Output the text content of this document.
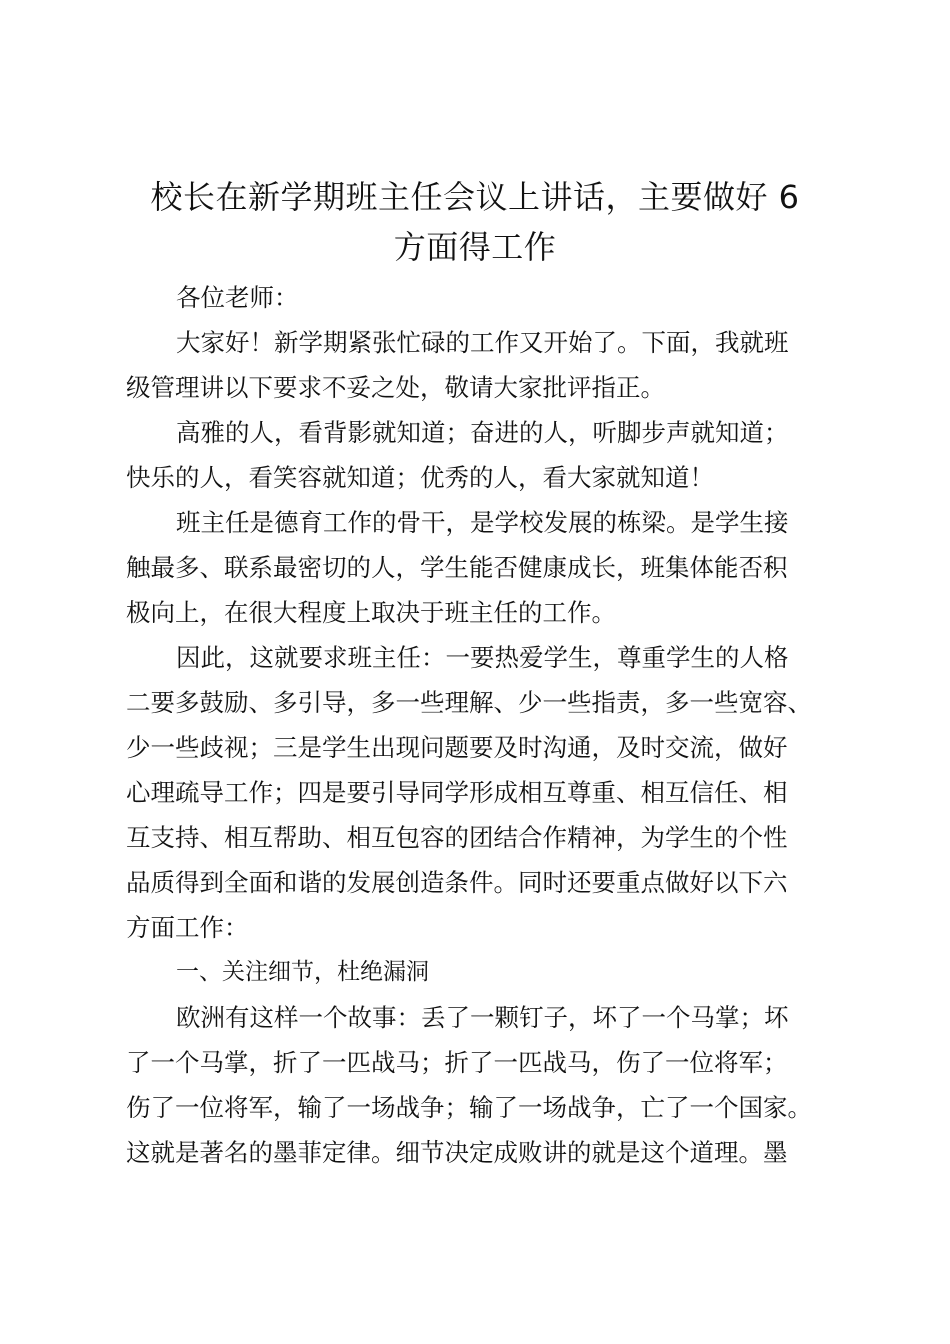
校长在新学期班主任会议上讲话，主要做好 6
方面得工作
各位老师：
大家好！新学期紧张忙碌的工作又开始了。下面，我就班
级管理讲以下要求不妥之处，敬请大家批评指正。
高雅的人，看背影就知道；奋进的人，听脚步声就知道；
快乐的人，看笑容就知道；优秀的人，看大家就知道！
班主任是德育工作的骨干，是学校发展的栋梁。是学生接
触最多、联系最密切的人，学生能否健康成长，班集体能否积
极向上，在很大程度上取决于班主任的工作。
因此，这就要求班主任：一要热爱学生，尊重学生的人格
二要多鼓励、多引导，多一些理解、少一些指责，多一些宽容、
少一些歧视；三是学生出现问题要及时沟通，及时交流，做好
心理疏导工作；四是要引导同学形成相互尊重、相互信任、相
互支持、相互帮助、相互包容的团结合作精神，为学生的个性
品质得到全面和谐的发展创造条件。同时还要重点做好以下六
方面工作：
一、关注细节，杜绝漏洞
欧洲有这样一个故事：丢了一颗钉子，坏了一个马掌；坏
了一个马掌，折了一匹战马；折了一匹战马，伤了一位将军；
伤了一位将军，输了一场战争；输了一场战争，亡了一个国家。
这就是著名的墨菲定律。细节决定成败讲的就是这个道理。墨
